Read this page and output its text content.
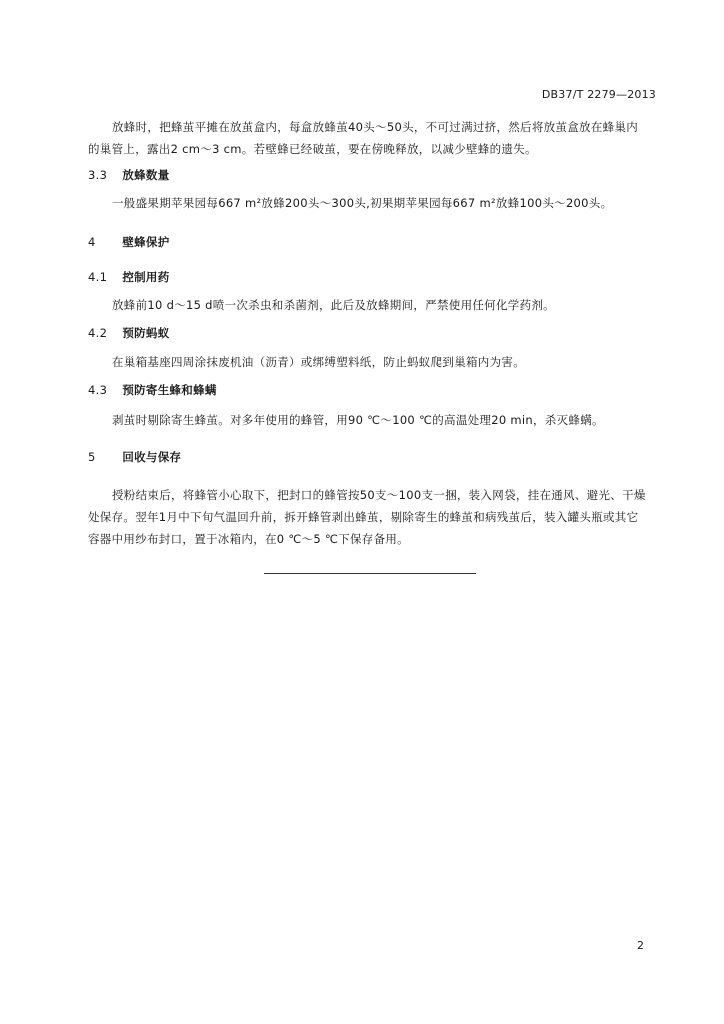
DB37/T 2279—2013

放蜂时，把蜂茧平摊在放茧盒内，每盒放蜂茧40头～50头，不可过满过挤，然后将放茧盒放在蜂巢内的巢管上，露出2 cm～3 cm。若壁蜂已经破茧，要在傍晚释放，以减少壁蜂的遗失。

3.3 放蜂数量

一般盛果期苹果园每667 m²放蜂200头～300头,初果期苹果园每667 m²放蜂100头～200头。

4 壁蜂保护
4.1 控制用药

放蜂前10 d～15 d喷一次杀虫和杀菌剂，此后及放蜂期间，严禁使用任何化学药剂。

4.2 预防蚂蚁

在巢箱基座四周涂抹废机油（沥青）或绑缚塑料纸，防止蚂蚁爬到巢箱内为害。

4.3 预防寄生蜂和蜂螨

剥茧时剔除寄生蜂茧。对多年使用的蜂管，用90 ℃～100 ℃的高温处理20 min，杀灭蜂螨。

5 回收与保存

授粉结束后，将蜂管小心取下，把封口的蜂管按50支～100支一捆，装入网袋，挂在通风、避光、干燥处保存。翌年1月中下旬气温回升前，拆开蜂管剥出蜂茧，剔除寄生的蜂茧和病残茧后，装入罐头瓶或其它容器中用纱布封口，置于冰箱内，在0 ℃～5 ℃下保存备用。

2
